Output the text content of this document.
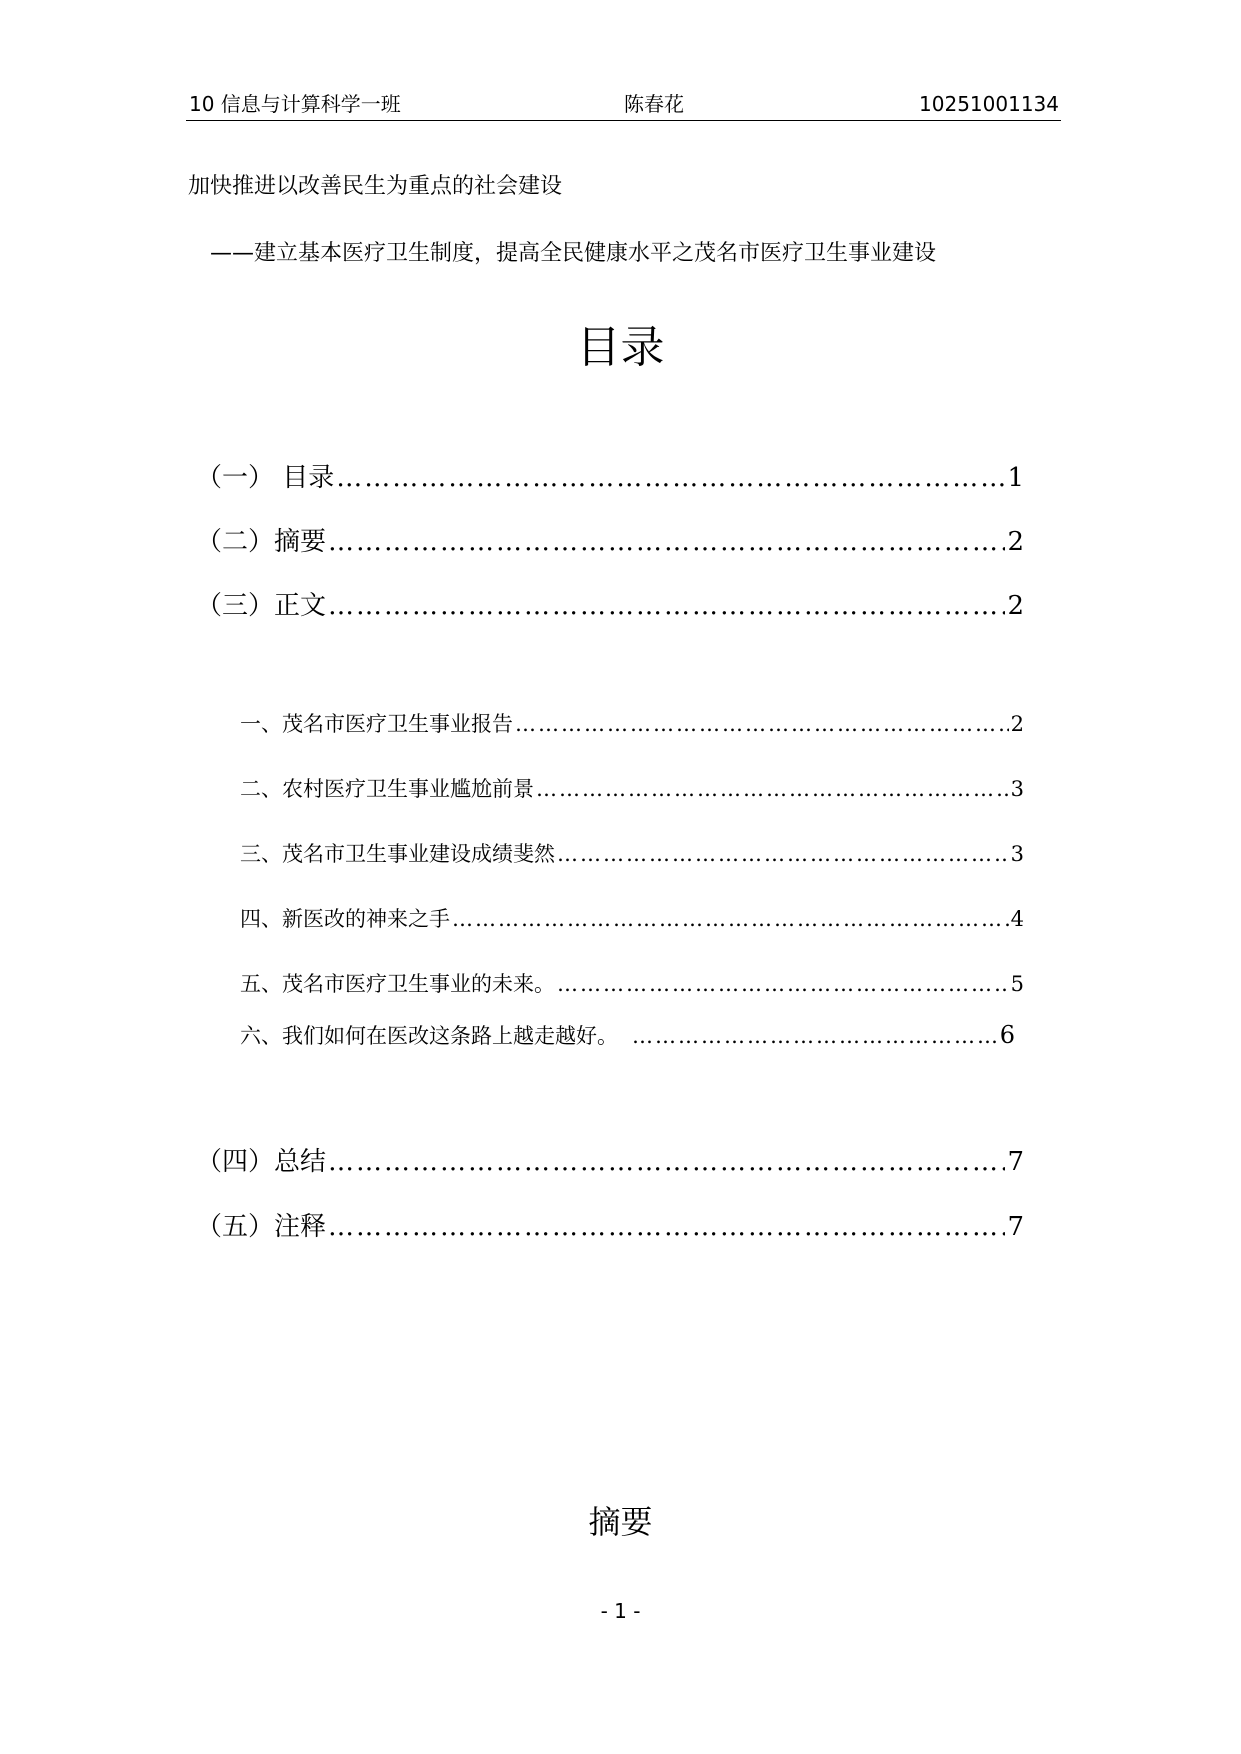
10 信息与计算科学一班	陈春花	10251001134
加快推进以改善民生为重点的社会建设
——建立基本医疗卫生制度，提高全民健康水平之茂名市医疗卫生事业建设
目录
（一） 目录 ………………………………………………………………………………………………………………………………………………	1
（二）摘要 ………………………………………………………………………………………………………………………………………………	2
（三）正文 ………………………………………………………………………………………………………………………………………………	2
一、茂名市医疗卫生事业报告 ………………………………………………………………………………………………………………………………………………	2
二、农村医疗卫生事业尴尬前景 ………………………………………………………………………………………………………………………………………………	3
三、茂名市卫生事业建设成绩斐然 ………………………………………………………………………………………………………………………………………………	3
四、新医改的神来之手 ………………………………………………………………………………………………………………………………………………	4
五、茂名市医疗卫生事业的未来。 ………………………………………………………………………………………………………………………………………………	5
六、我们如何在医改这条路上越走越好。 ………………………………………………………………………………………………………………………………………………	6
（四）总结 ………………………………………………………………………………………………………………………………………………	7
（五）注释 ………………………………………………………………………………………………………………………………………………	7
摘要
- 1 -
